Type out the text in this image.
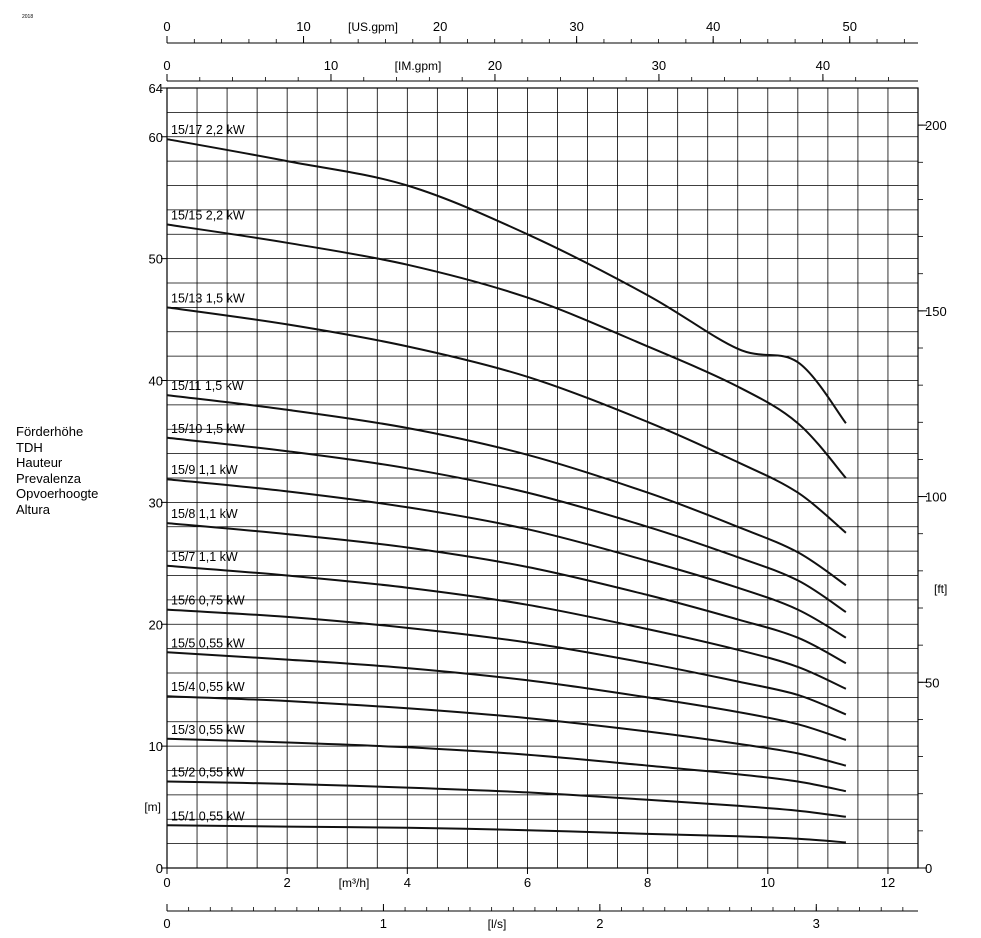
2018
Förderhöhe
TDH
Hauteur
Prevalenza
Opvoerhoogte
Altura
0
10
20
30
40
50
60
64
[m]
0
50
100
150
200
[ft]
0	2	4	6	8	10	12
[m³/h]
0	1	2	3
[l/s]
0	10	20	30	40
[IM.gpm]
0	10	20	30	40	50
[US.gpm]
15/17 2,2 kW
15/15 2,2 kW
15/13 1,5 kW
15/11 1,5 kW
15/10 1,5 kW
15/9 1,1 kW
15/8 1,1 kW
15/7 1,1 kW
15/6 0,75 kW
15/5 0,55 kW
15/4 0,55 kW
15/3 0,55 kW
15/2 0,55 kW
15/1 0,55 kW
